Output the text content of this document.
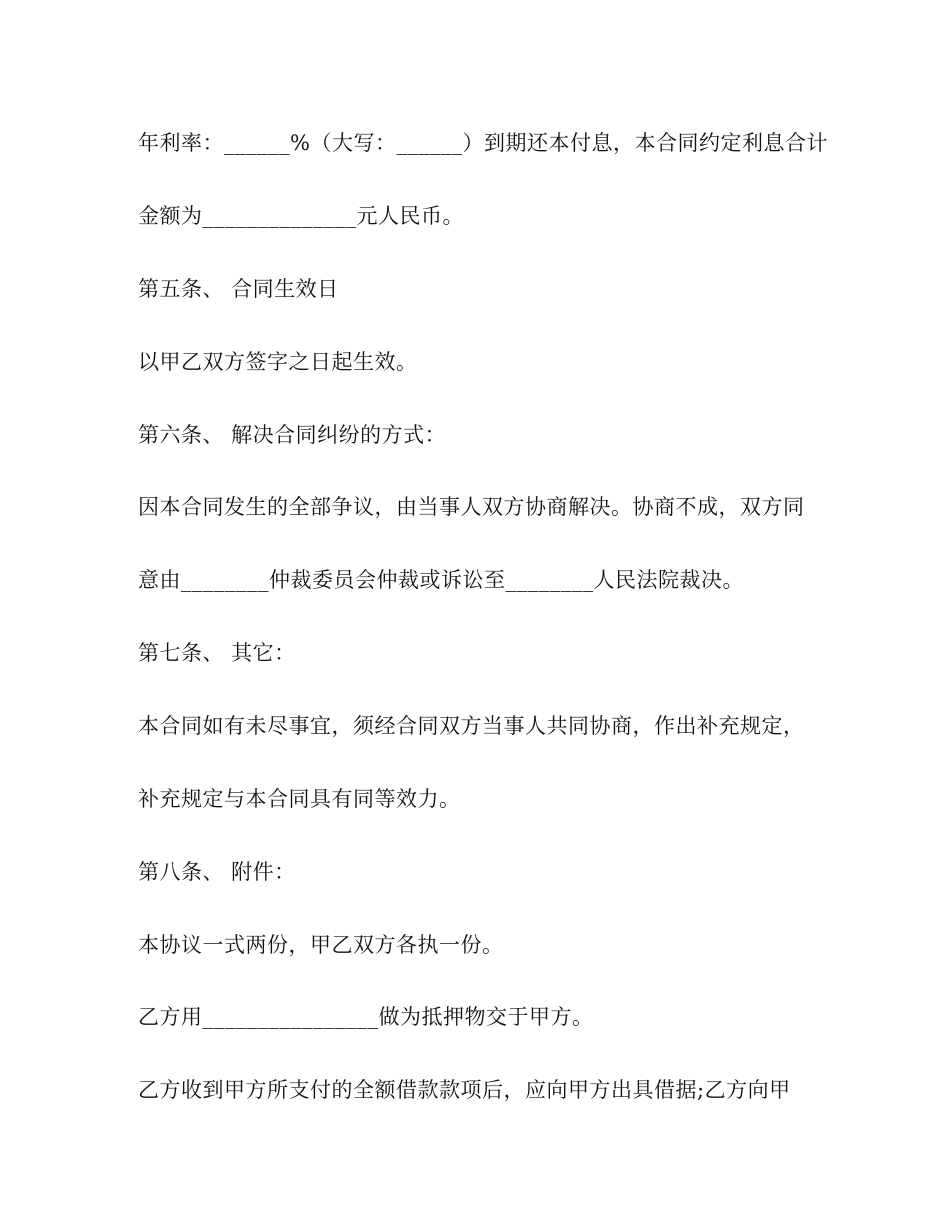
年利率：______%（大写：______）到期还本付息，本合同约定利息合计
金额为______________元人民币。
第五条、 合同生效日
以甲乙双方签字之日起生效。
第六条、 解决合同纠纷的方式：
因本合同发生的全部争议，由当事人双方协商解决。协商不成，双方同
意由________仲裁委员会仲裁或诉讼至________人民法院裁决。
第七条、 其它：
本合同如有未尽事宜，须经合同双方当事人共同协商，作出补充规定，
补充规定与本合同具有同等效力。
第八条、 附件：
本协议一式两份，甲乙双方各执一份。
乙方用________________做为抵押物交于甲方。
乙方收到甲方所支付的全额借款款项后，应向甲方出具借据;乙方向甲
